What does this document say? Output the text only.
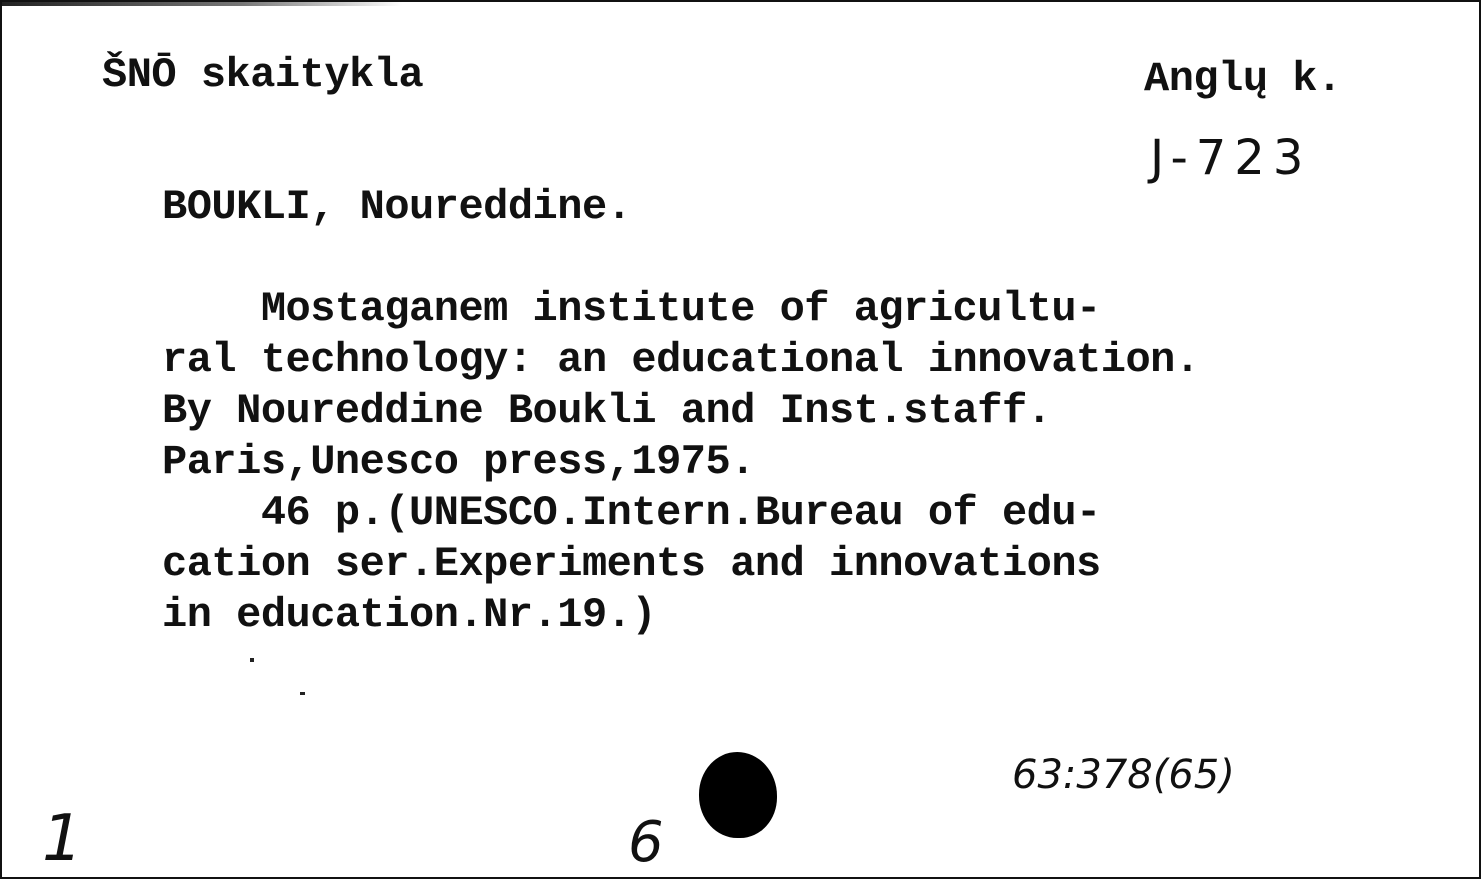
ŠNŌ skaitykla	Anglų k.

J-723

BOUKLI, Noureddine.

Mostaganem institute of agricultu-

ral technology: an educational innovation.

By Noureddine Boukli and Inst.staff.

Paris,Unesco press,1975.

46 p.(UNESCO.Intern.Bureau of edu-

cation ser.Experiments and innovations

in education.Nr.19.)

63:378(65)

1	6
